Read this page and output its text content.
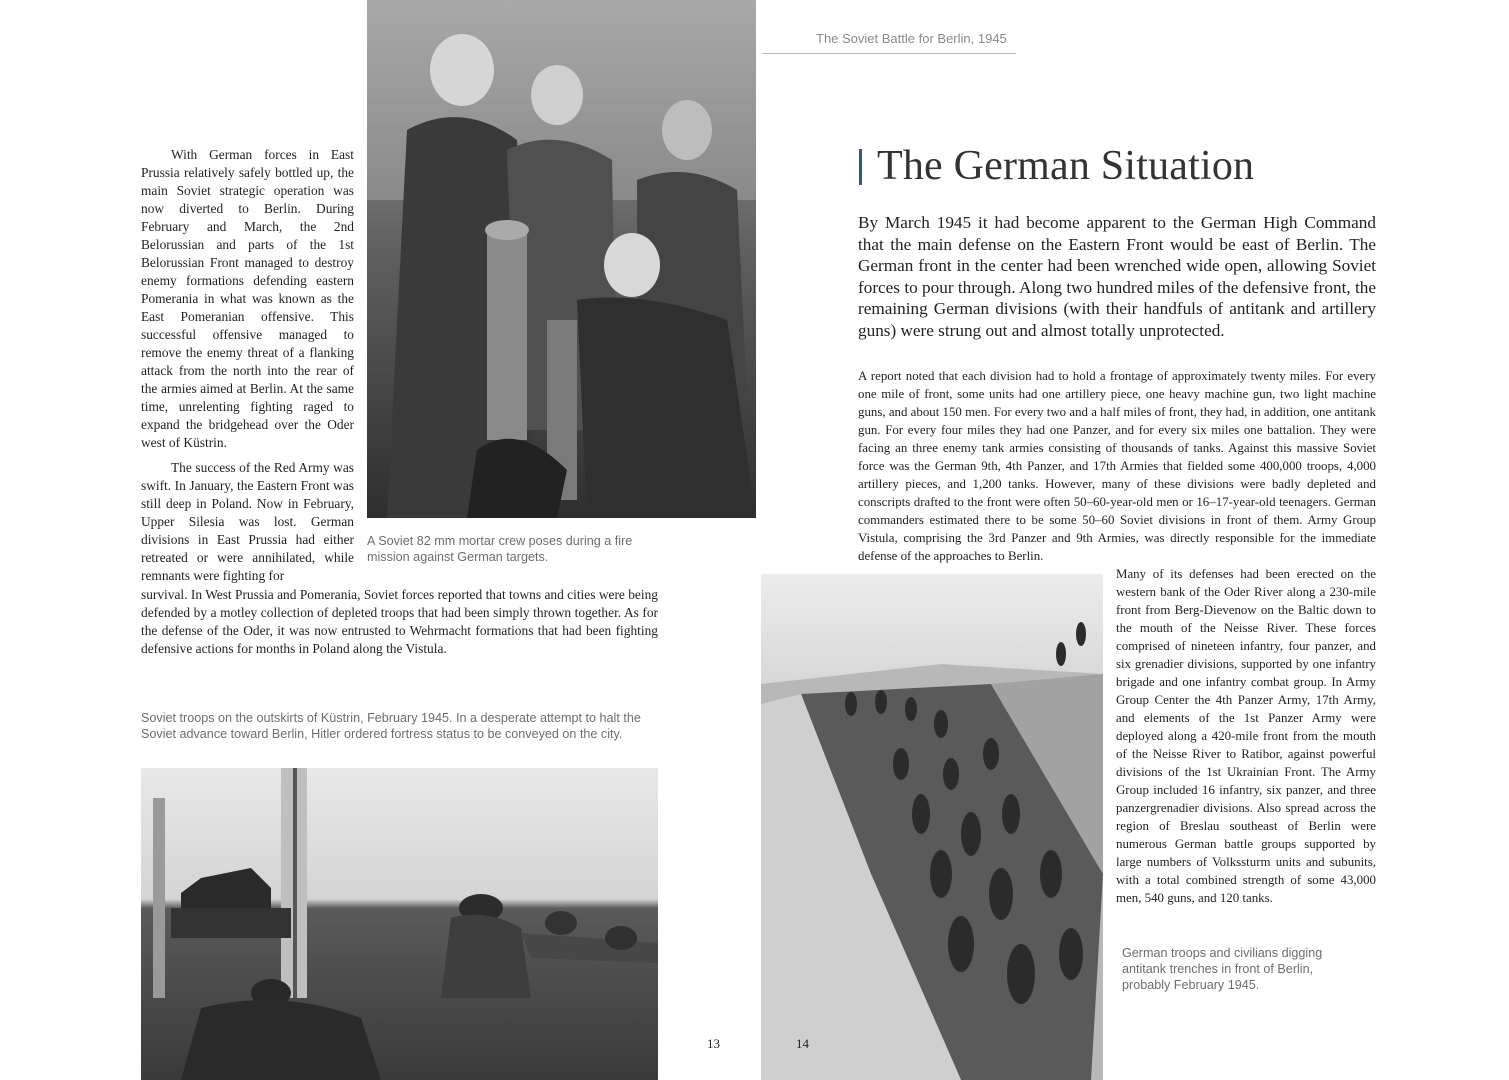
A Soviet 82 mm mortar crew poses during a fire mission against German targets.

With German forces in East Prussia relatively safely bottled up, the main Soviet strategic operation was now diverted to Berlin. During February and March, the 2nd Belorussian and parts of the 1st Belorussian Front managed to destroy enemy formations defending eastern Pomerania in what was known as the East Pomeranian offensive. This successful offensive managed to remove the enemy threat of a flanking attack from the north into the rear of the armies aimed at Berlin. At the same time, unrelenting fighting raged to expand the bridgehead over the Oder west of Küstrin.

The success of the Red Army was swift. In January, the Eastern Front was still deep in Poland. Now in February, Upper Silesia was lost. German divisions in East Prussia had either retreated or were annihilated, while remnants were fighting for

survival. In West Prussia and Pomerania, Soviet forces reported that towns and cities were being defended by a motley collection of depleted troops that had been simply thrown together. As for the defense of the Oder, it was now entrusted to Wehrmacht formations that had been fighting defensive actions for months in Poland along the Vistula.

Soviet troops on the outskirts of Küstrin, February 1945. In a desperate attempt to halt the Soviet advance toward Berlin, Hitler ordered fortress status to be conveyed on the city.
13
The Soviet Battle for Berlin, 1945
The German Situation
By March 1945 it had become apparent to the German High Command that the main defense on the Eastern Front would be east of Berlin. The German front in the center had been wrenched wide open, allowing Soviet forces to pour through. Along two hundred miles of the defensive front, the remaining German divisions (with their handfuls of antitank and artillery guns) were strung out and almost totally unprotected.
A report noted that each division had to hold a frontage of approximately twenty miles. For every one mile of front, some units had one artillery piece, one heavy machine gun, two light machine guns, and about 150 men. For every two and a half miles of front, they had, in addition, one antitank gun. For every four miles they had one Panzer, and for every six miles one battalion. They were facing an three enemy tank armies consisting of thousands of tanks. Against this massive Soviet force was the German 9th, 4th Panzer, and 17th Armies that fielded some 400,000 troops, 4,000 artillery pieces, and 1,200 tanks. However, many of these divisions were badly depleted and conscripts drafted to the front were often 50–60-year-old men or 16–17-year-old teenagers. German commanders estimated there to be some 50–60 Soviet divisions in front of them. Army Group Vistula, comprising the 3rd Panzer and 9th Armies, was directly responsible for the immediate defense of the approaches to Berlin.
Many of its defenses had been erected on the western bank of the Oder River along a 230-mile front from Berg-Dievenow on the Baltic down to the mouth of the Neisse River. These forces comprised of nineteen infantry, four panzer, and six grenadier divisions, supported by one infantry brigade and one infantry combat group. In Army Group Center the 4th Panzer Army, 17th Army, and elements of the 1st Panzer Army were deployed along a 420-mile front from the mouth of the Neisse River to Ratibor, against powerful divisions of the 1st Ukrainian Front. The Army Group included 16 infantry, six panzer, and three panzergrenadier divisions. Also spread across the region of Breslau southeast of Berlin were numerous German battle groups supported by large numbers of Volkssturm units and subunits, with a total combined strength of some 43,000 men, 540 guns, and 120 tanks.
German troops and civilians digging antitank trenches in front of Berlin, probably February 1945.
14
